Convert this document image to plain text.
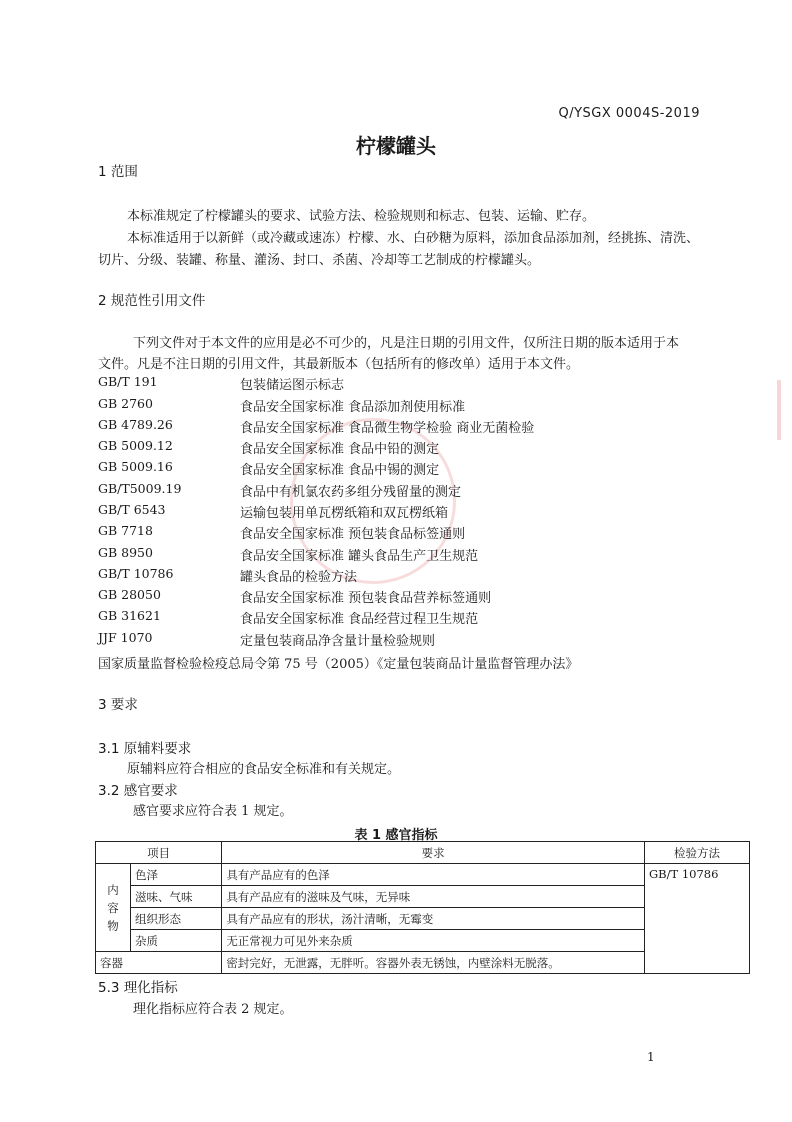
Q/YSGX 0004S-2019
柠檬罐头
1 范围
本标准规定了柠檬罐头的要求、试验方法、检验规则和标志、包装、运输、贮存。
本标准适用于以新鲜（或冷藏或速冻）柠檬、水、白砂糖为原料，添加食品添加剂，经挑拣、清洗、
切片、分级、装罐、称量、灌汤、封口、杀菌、冷却等工艺制成的柠檬罐头。
2 规范性引用文件
下列文件对于本文件的应用是必不可少的，凡是注日期的引用文件，仅所注日期的版本适用于本
文件。凡是不注日期的引用文件，其最新版本（包括所有的修改单）适用于本文件。
GB/T 191	包装储运图示标志
GB 2760	食品安全国家标准 食品添加剂使用标准
GB 4789.26	食品安全国家标准 食品微生物学检验 商业无菌检验
GB 5009.12	食品安全国家标准 食品中铅的测定
GB 5009.16	食品安全国家标准 食品中锡的测定
GB/T5009.19	食品中有机氯农药多组分残留量的测定
GB/T 6543	运输包装用单瓦楞纸箱和双瓦楞纸箱
GB 7718	食品安全国家标准 预包装食品标签通则
GB 8950	食品安全国家标准 罐头食品生产卫生规范
GB/T 10786	罐头食品的检验方法
GB 28050	食品安全国家标准 预包装食品营养标签通则
GB 31621	食品安全国家标准 食品经营过程卫生规范
JJF 1070	定量包装商品净含量计量检验规则
国家质量监督检验检疫总局令第 75 号（2005）《定量包装商品计量监督管理办法》
3 要求
3.1 原辅料要求
原辅料应符合相应的食品安全标准和有关规定。
3.2 感官要求
感官要求应符合表 1 规定。
表 1 感官指标
项目		要求	检验方法

内
容
物	色泽	具有产品应有的色泽	GB/T 10786
	滋味、气味	具有产品应有的滋味及气味，无异味	
	组织形态	具有产品应有的形状，汤汁清晰，无霉变	
	杂质	无正常视力可见外来杂质	
容器		密封完好，无泄露，无胖听。容器外表无锈蚀，内壁涂料无脱落。	
5.3 理化指标
理化指标应符合表 2 规定。
1
